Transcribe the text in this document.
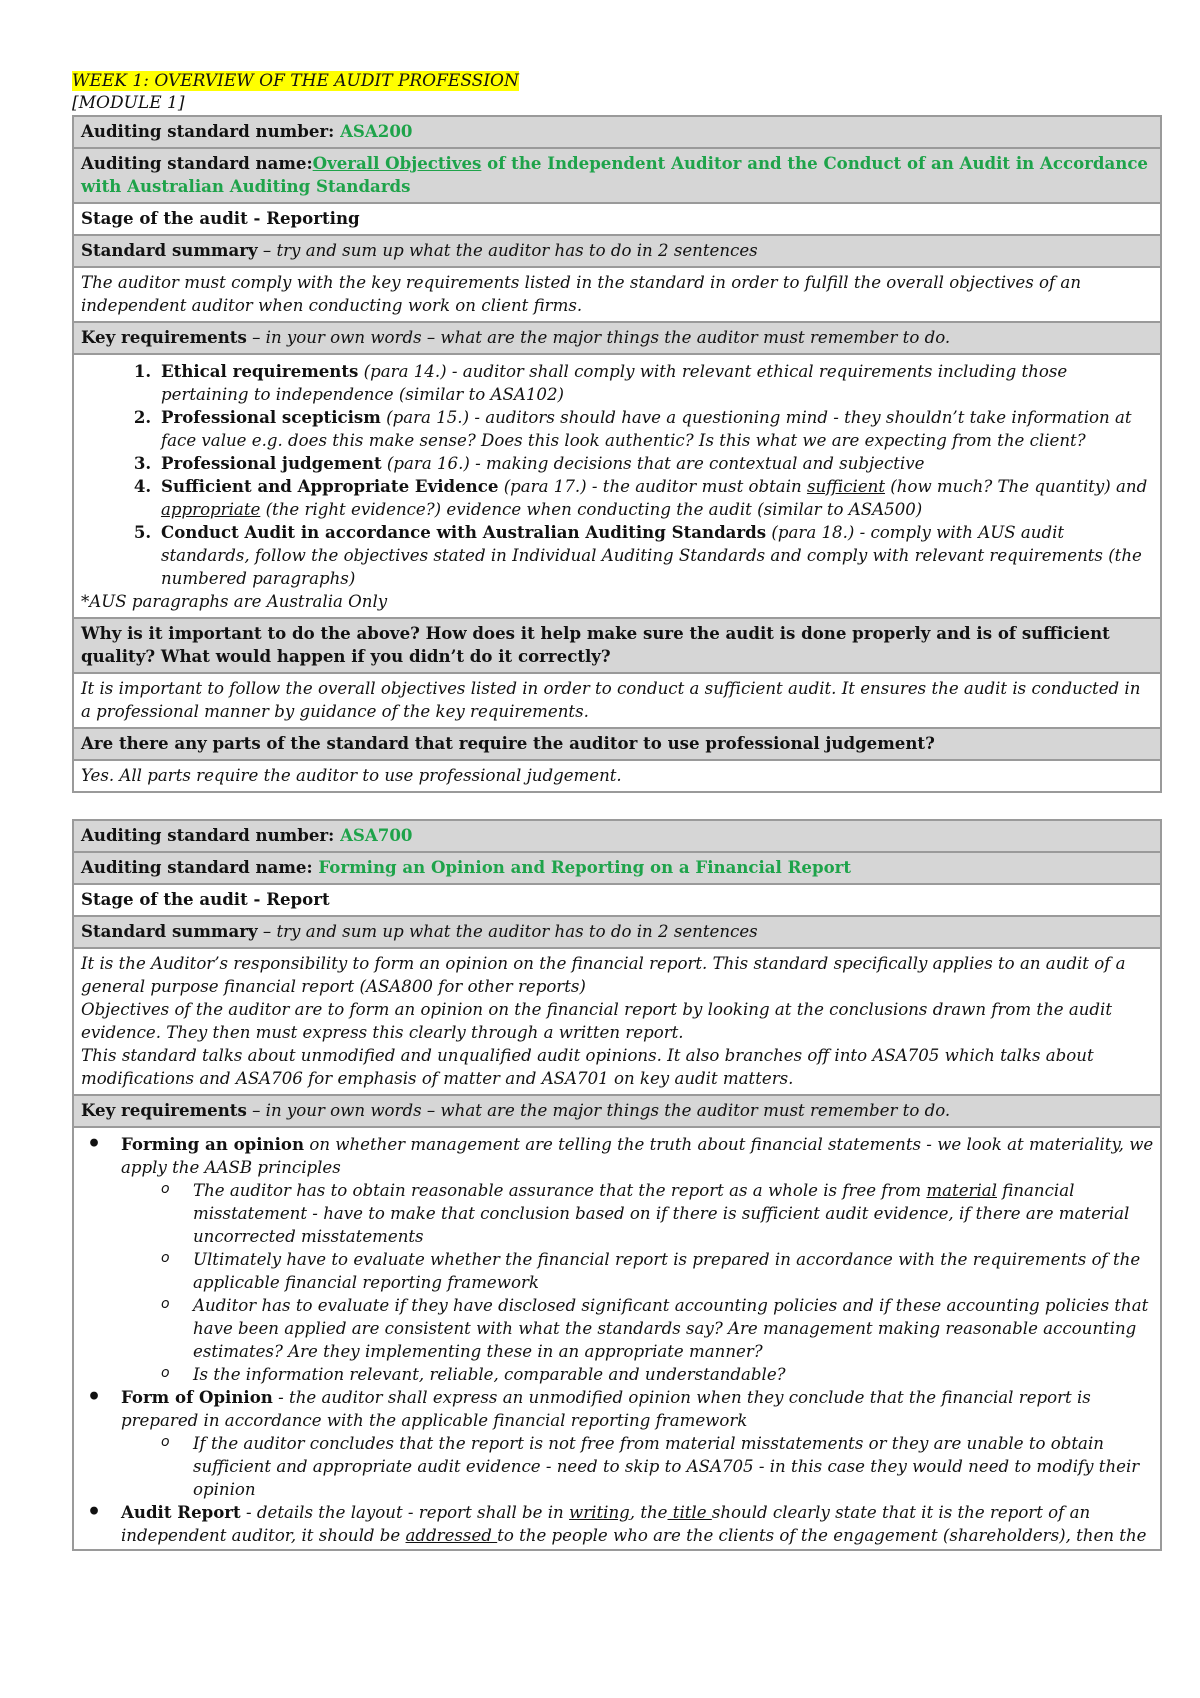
WEEK 1: OVERVIEW OF THE AUDIT PROFESSION
[MODULE 1]
Auditing standard number: ASA200
Auditing standard name:Overall Objectives of the Independent Auditor and the Conduct of an Audit in Accordance with Australian Auditing Standards
Stage of the audit - Reporting
Standard summary – try and sum up what the auditor has to do in 2 sentences
The auditor must comply with the key requirements listed in the standard in order to fulfill the overall objectives of an independent auditor when conducting work on client firms.
Key requirements – in your own words – what are the major things the auditor must remember to do.

1. Ethical requirements (para 14.) - auditor shall comply with relevant ethical requirements including those pertaining to independence (similar to ASA102)
2. Professional scepticism (para 15.) - auditors should have a questioning mind - they shouldn’t take information at face value e.g. does this make sense? Does this look authentic? Is this what we are expecting from the client?
3. Professional judgement (para 16.) - making decisions that are contextual and subjective
4. Sufficient and Appropriate Evidence (para 17.) - the auditor must obtain sufficient (how much? The quantity) and appropriate (the right evidence?) evidence when conducting the audit (similar to ASA500)
5. Conduct Audit in accordance with Australian Auditing Standards (para 18.) - comply with AUS audit standards, follow the objectives stated in Individual Auditing Standards and comply with relevant requirements (the numbered paragraphs)
*AUS paragraphs are Australia Only

Why is it important to do the above? How does it help make sure the audit is done properly and is of sufficient quality? What would happen if you didn’t do it correctly?
It is important to follow the overall objectives listed in order to conduct a sufficient audit. It ensures the audit is conducted in a professional manner by guidance of the key requirements.
Are there any parts of the standard that require the auditor to use professional judgement?
Yes. All parts require the auditor to use professional judgement.
Auditing standard number: ASA700
Auditing standard name: Forming an Opinion and Reporting on a Financial Report
Stage of the audit - Report
Standard summary – try and sum up what the auditor has to do in 2 sentences

It is the Auditor’s responsibility to form an opinion on the financial report. This standard specifically applies to an audit of a general purpose financial report (ASA800 for other reports)
Objectives of the auditor are to form an opinion on the financial report by looking at the conclusions drawn from the audit evidence. They then must express this clearly through a written report.
This standard talks about unmodified and unqualified audit opinions. It also branches off into ASA705 which talks about modifications and ASA706 for emphasis of matter and ASA701 on key audit matters.

Key requirements – in your own words – what are the major things the auditor must remember to do.

• Forming an opinion on whether management are telling the truth about financial statements - we look at materiality, we apply the AASB principles
o The auditor has to obtain reasonable assurance that the report as a whole is free from material financial misstatement - have to make that conclusion based on if there is sufficient audit evidence, if there are material uncorrected misstatements
o Ultimately have to evaluate whether the financial report is prepared in accordance with the requirements of the applicable financial reporting framework
o Auditor has to evaluate if they have disclosed significant accounting policies and if these accounting policies that have been applied are consistent with what the standards say? Are management making reasonable accounting estimates? Are they implementing these in an appropriate manner?
o Is the information relevant, reliable, comparable and understandable?
• Form of Opinion - the auditor shall express an unmodified opinion when they conclude that the financial report is prepared in accordance with the applicable financial reporting framework
o If the auditor concludes that the report is not free from material misstatements or they are unable to obtain sufficient and appropriate audit evidence - need to skip to ASA705 - in this case they would need to modify their opinion
• Audit Report - details the layout - report shall be in writing, the title should clearly state that it is the report of an independent auditor, it should be addressed to the people who are the clients of the engagement (shareholders), then the
